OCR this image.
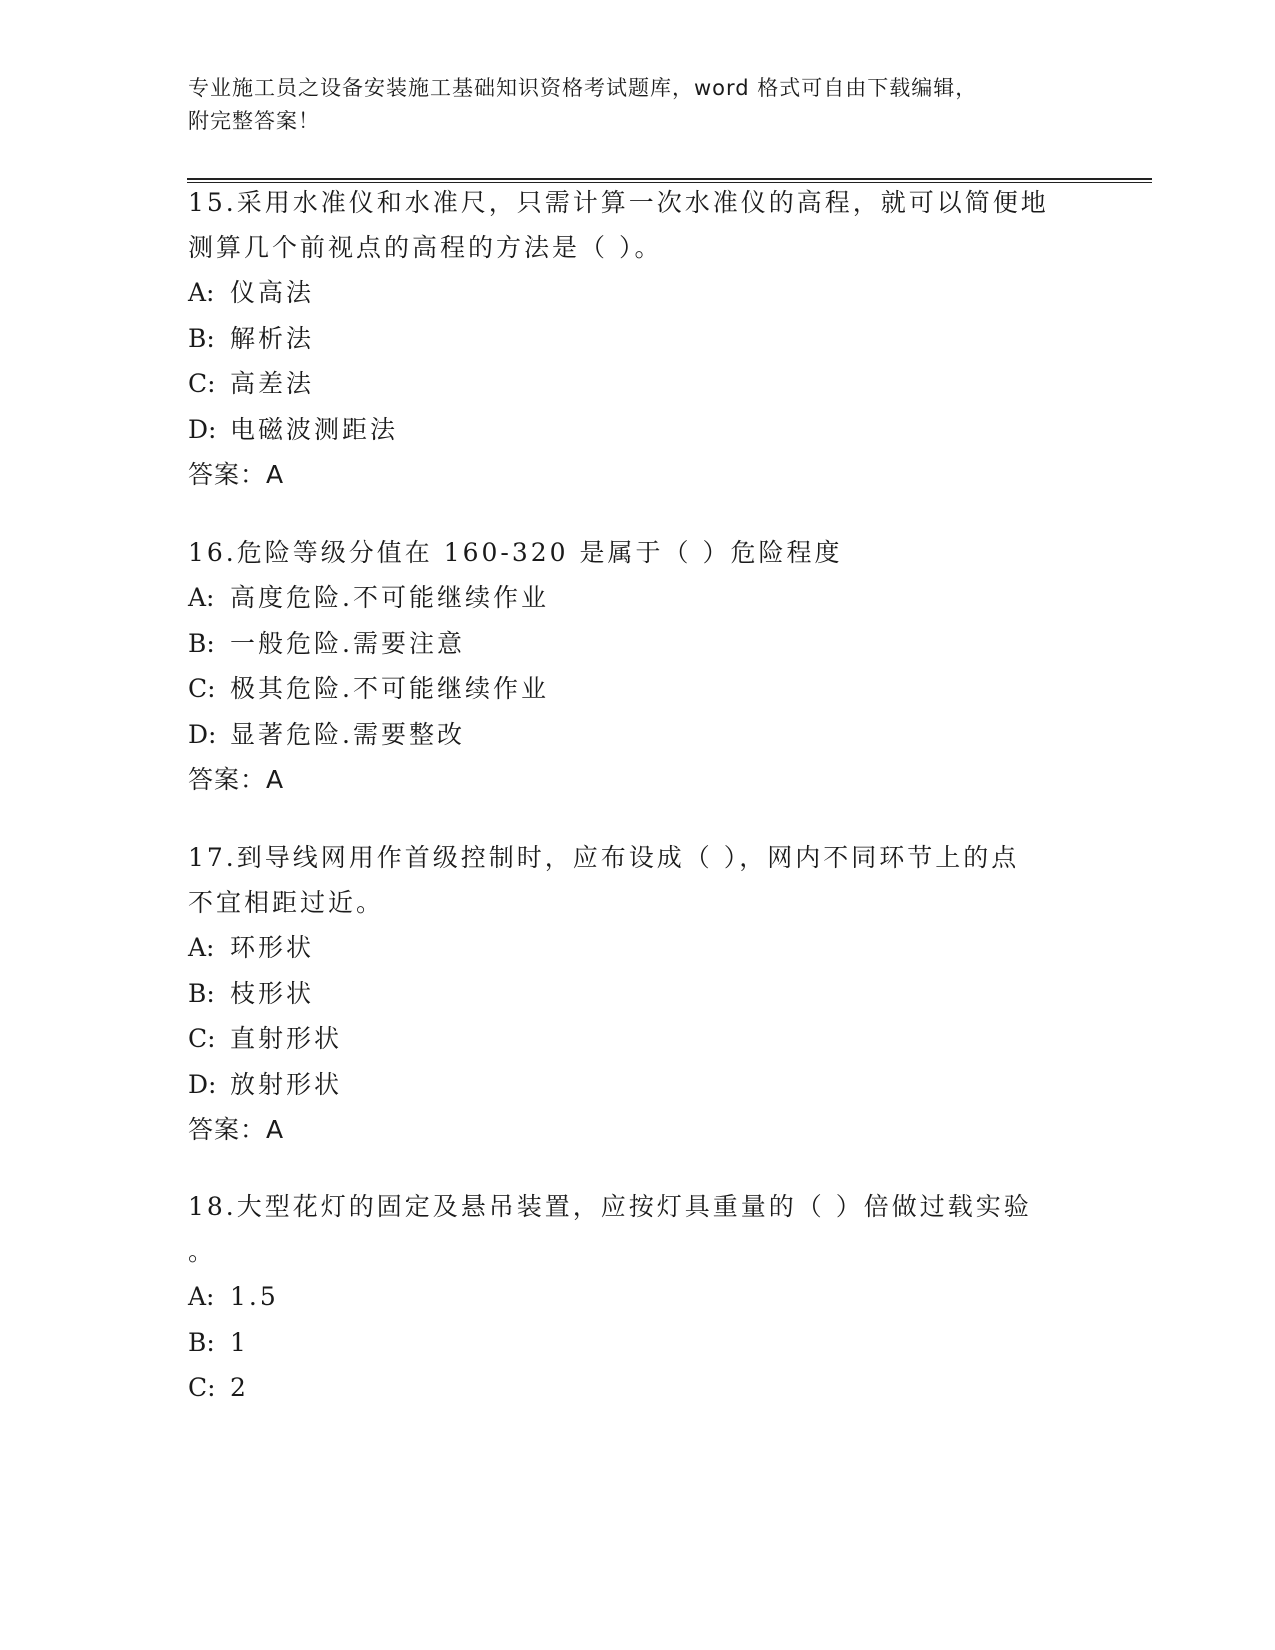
专业施工员之设备安装施工基础知识资格考试题库，word 格式可自由下载编辑，
附完整答案！
15.采用水准仪和水准尺，只需计算一次水准仪的高程，就可以简便地
测算几个前视点的高程的方法是（ ）。
A: 仪高法
B: 解析法
C: 高差法
D: 电磁波测距法
答案：A
16.危险等级分值在 160-320 是属于（ ）危险程度
A: 高度危险.不可能继续作业
B: 一般危险.需要注意
C: 极其危险.不可能继续作业
D: 显著危险.需要整改
答案：A
17.到导线网用作首级控制时，应布设成（ ），网内不同环节上的点
不宜相距过近。
A: 环形状
B: 枝形状
C: 直射形状
D: 放射形状
答案：A
18.大型花灯的固定及悬吊装置，应按灯具重量的（ ）倍做过载实验
。
A: 1.5
B: 1
C: 2
